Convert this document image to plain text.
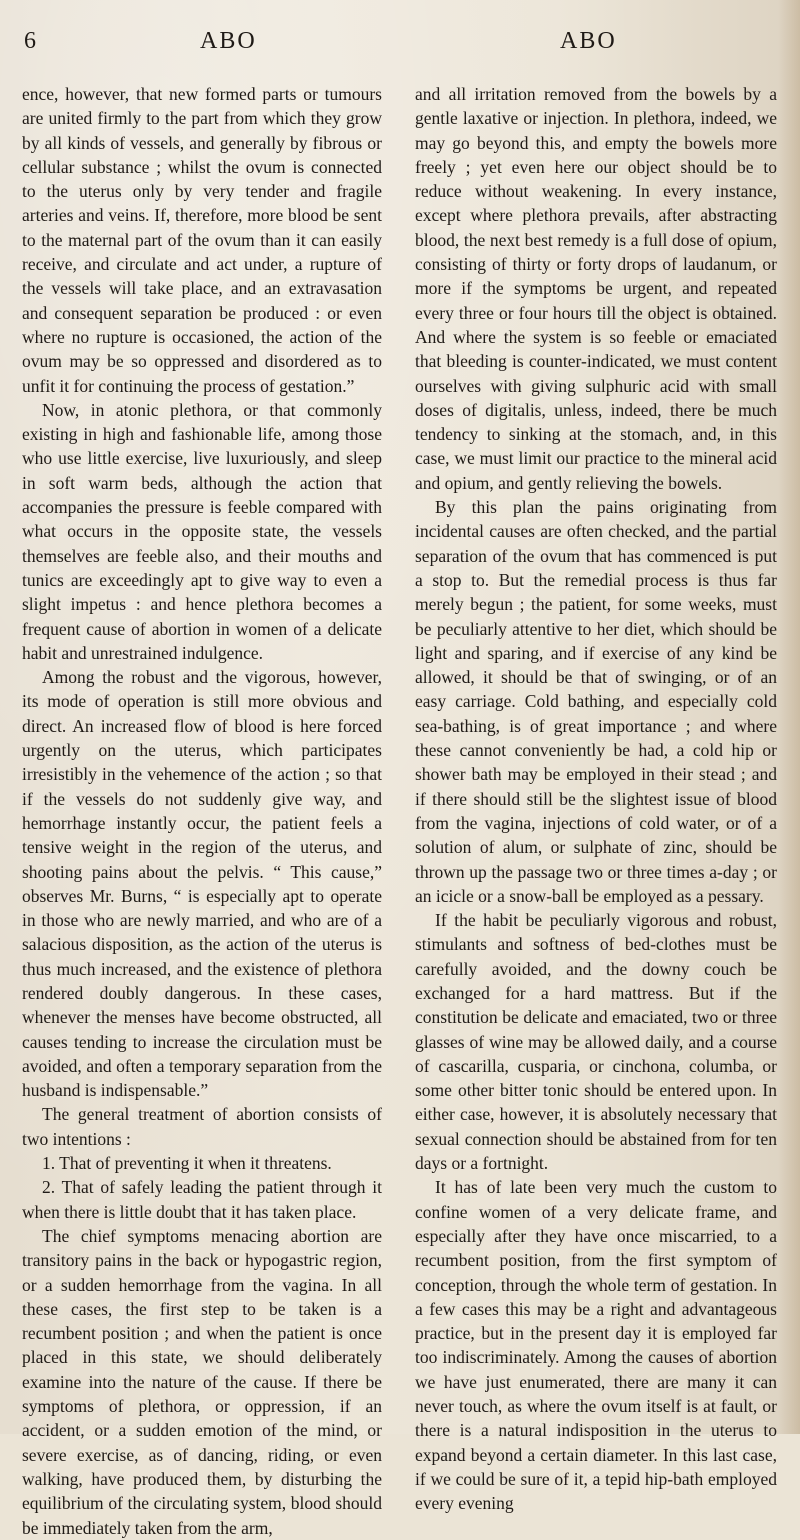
6	ABO	ABO

ence, however, that new formed parts or tumours are united firmly to the part from which they grow by all kinds of vessels, and generally by fibrous or cellular substance ; whilst the ovum is connected to the uterus only by very tender and fragile arteries and veins. If, therefore, more blood be sent to the maternal part of the ovum than it can easily receive, and circulate and act under, a rupture of the vessels will take place, and an extravasation and consequent separation be produced : or even where no rupture is occasioned, the action of the ovum may be so oppressed and disordered as to unfit it for continuing the process of gestation.”

Now, in atonic plethora, or that commonly existing in high and fashionable life, among those who use little exercise, live luxuriously, and sleep in soft warm beds, although the action that accompanies the pressure is feeble compared with what occurs in the opposite state, the vessels themselves are feeble also, and their mouths and tunics are exceedingly apt to give way to even a slight impetus : and hence plethora becomes a frequent cause of abortion in women of a delicate habit and unrestrained indulgence.

Among the robust and the vigorous, however, its mode of operation is still more obvious and direct. An increased flow of blood is here forced urgently on the uterus, which participates irresistibly in the vehemence of the action ; so that if the vessels do not suddenly give way, and hemorrhage instantly occur, the patient feels a tensive weight in the region of the uterus, and shooting pains about the pelvis. “ This cause,” observes Mr. Burns, “ is especially apt to operate in those who are newly married, and who are of a salacious disposition, as the action of the uterus is thus much increased, and the existence of plethora rendered doubly dangerous. In these cases, whenever the menses have become obstructed, all causes tending to increase the circulation must be avoided, and often a temporary separation from the husband is indispensable.”

The general treatment of abortion consists of two intentions :

1. That of preventing it when it threatens.

2. That of safely leading the patient through it when there is little doubt that it has taken place.

The chief symptoms menacing abortion are transitory pains in the back or hypogastric region, or a sudden hemorrhage from the vagina. In all these cases, the first step to be taken is a recumbent position ; and when the patient is once placed in this state, we should deliberately examine into the nature of the cause. If there be symptoms of plethora, or oppression, if an accident, or a sudden emotion of the mind, or severe exercise, as of dancing, riding, or even walking, have produced them, by disturbing the equilibrium of the circulating system, blood should be immediately taken from the arm,

and all irritation removed from the bowels by a gentle laxative or injection. In plethora, indeed, we may go beyond this, and empty the bowels more freely ; yet even here our object should be to reduce without weakening. In every instance, except where plethora prevails, after abstracting blood, the next best remedy is a full dose of opium, consisting of thirty or forty drops of laudanum, or more if the symptoms be urgent, and repeated every three or four hours till the object is obtained. And where the system is so feeble or emaciated that bleeding is counter-indicated, we must content ourselves with giving sulphuric acid with small doses of digitalis, unless, indeed, there be much tendency to sinking at the stomach, and, in this case, we must limit our practice to the mineral acid and opium, and gently relieving the bowels.

By this plan the pains originating from incidental causes are often checked, and the partial separation of the ovum that has commenced is put a stop to. But the remedial process is thus far merely begun ; the patient, for some weeks, must be peculiarly attentive to her diet, which should be light and sparing, and if exercise of any kind be allowed, it should be that of swinging, or of an easy carriage. Cold bathing, and especially cold sea-bathing, is of great importance ; and where these cannot conveniently be had, a cold hip or shower bath may be employed in their stead ; and if there should still be the slightest issue of blood from the vagina, injections of cold water, or of a solution of alum, or sulphate of zinc, should be thrown up the passage two or three times a-day ; or an icicle or a snow-ball be employed as a pessary.

If the habit be peculiarly vigorous and robust, stimulants and softness of bed-clothes must be carefully avoided, and the downy couch be exchanged for a hard mattress. But if the constitution be delicate and emaciated, two or three glasses of wine may be allowed daily, and a course of cascarilla, cusparia, or cinchona, columba, or some other bitter tonic should be entered upon. In either case, however, it is absolutely necessary that sexual connection should be abstained from for ten days or a fortnight.

It has of late been very much the custom to confine women of a very delicate frame, and especially after they have once miscarried, to a recumbent position, from the first symptom of conception, through the whole term of gestation. In a few cases this may be a right and advantageous practice, but in the present day it is employed far too indiscriminately. Among the causes of abortion we have just enumerated, there are many it can never touch, as where the ovum itself is at fault, or there is a natural indisposition in the uterus to expand beyond a certain diameter. In this last case, if we could be sure of it, a tepid hip-bath employed every evening
